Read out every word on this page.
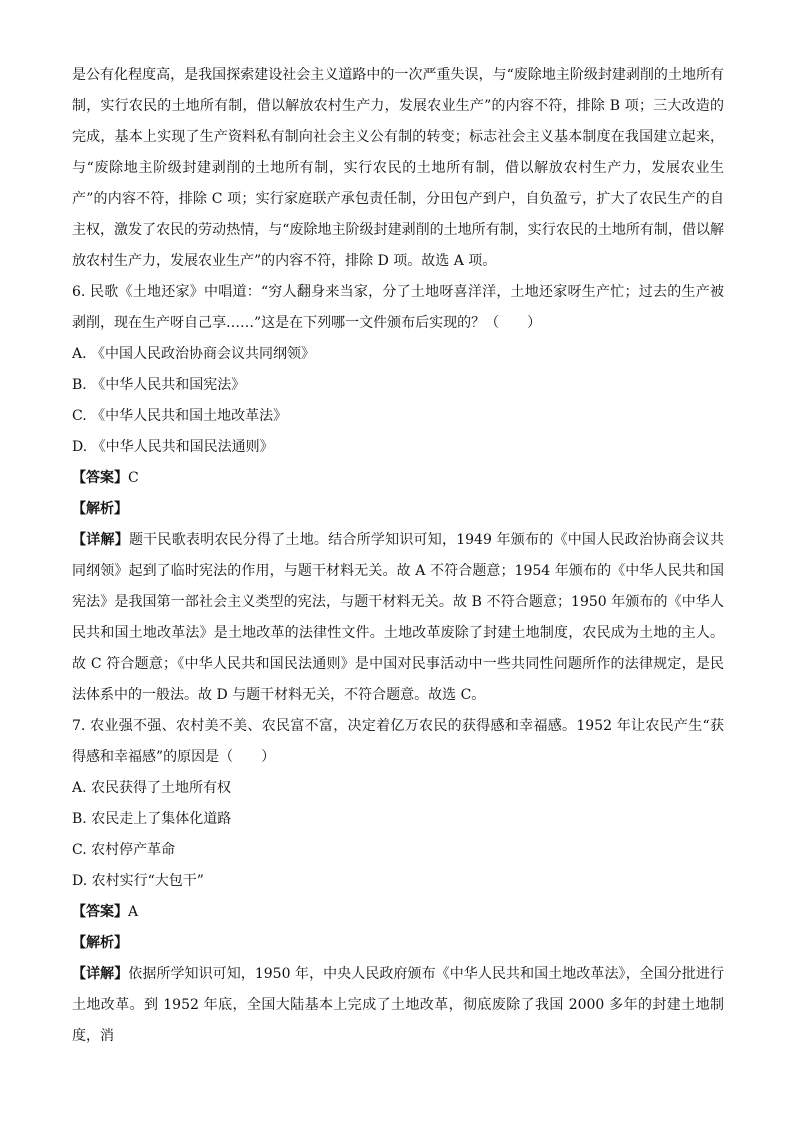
是公有化程度高，是我国探索建设社会主义道路中的一次严重失误，与“废除地主阶级封建剥削的土地所有制，实行农民的土地所有制，借以解放农村生产力，发展农业生产”的内容不符，排除 B 项；三大改造的完成，基本上实现了生产资料私有制向社会主义公有制的转变；标志社会主义基本制度在我国建立起来，与“废除地主阶级封建剥削的土地所有制，实行农民的土地所有制，借以解放农村生产力，发展农业生产”的内容不符，排除 C 项；实行家庭联产承包责任制，分田包产到户，自负盈亏，扩大了农民生产的自主权，激发了农民的劳动热情，与“废除地主阶级封建剥削的土地所有制，实行农民的土地所有制，借以解放农村生产力，发展农业生产”的内容不符，排除 D 项。故选 A 项。

6. 民歌《土地还家》中唱道：“穷人翻身来当家，分了土地呀喜洋洋，土地还家呀生产忙；过去的生产被剥削，现在生产呀自己享……”这是在下列哪一文件颁布后实现的？（　　）

A. 《中国人民政治协商会议共同纲领》

B. 《中华人民共和国宪法》

C. 《中华人民共和国土地改革法》

D. 《中华人民共和国民法通则》

【答案】C

【解析】

【详解】题干民歌表明农民分得了土地。结合所学知识可知，1949 年颁布的《中国人民政治协商会议共同纲领》起到了临时宪法的作用，与题干材料无关。故 A 不符合题意；1954 年颁布的《中华人民共和国宪法》是我国第一部社会主义类型的宪法，与题干材料无关。故 B 不符合题意；1950 年颁布的《中华人民共和国土地改革法》是土地改革的法律性文件。土地改革废除了封建土地制度，农民成为土地的主人。故 C 符合题意；《中华人民共和国民法通则》是中国对民事活动中一些共同性问题所作的法律规定，是民法体系中的一般法。故 D 与题干材料无关，不符合题意。故选 C。

7. 农业强不强、农村美不美、农民富不富，决定着亿万农民的获得感和幸福感。1952 年让农民产生“获得感和幸福感”的原因是（　　）

A. 农民获得了土地所有权

B. 农民走上了集体化道路

C. 农村停产革命

D. 农村实行“大包干”

【答案】A

【解析】

【详解】依据所学知识可知，1950 年，中央人民政府颁布《中华人民共和国土地改革法》，全国分批进行土地改革。到 1952 年底，全国大陆基本上完成了土地改革，彻底废除了我国 2000 多年的封建土地制度，消
